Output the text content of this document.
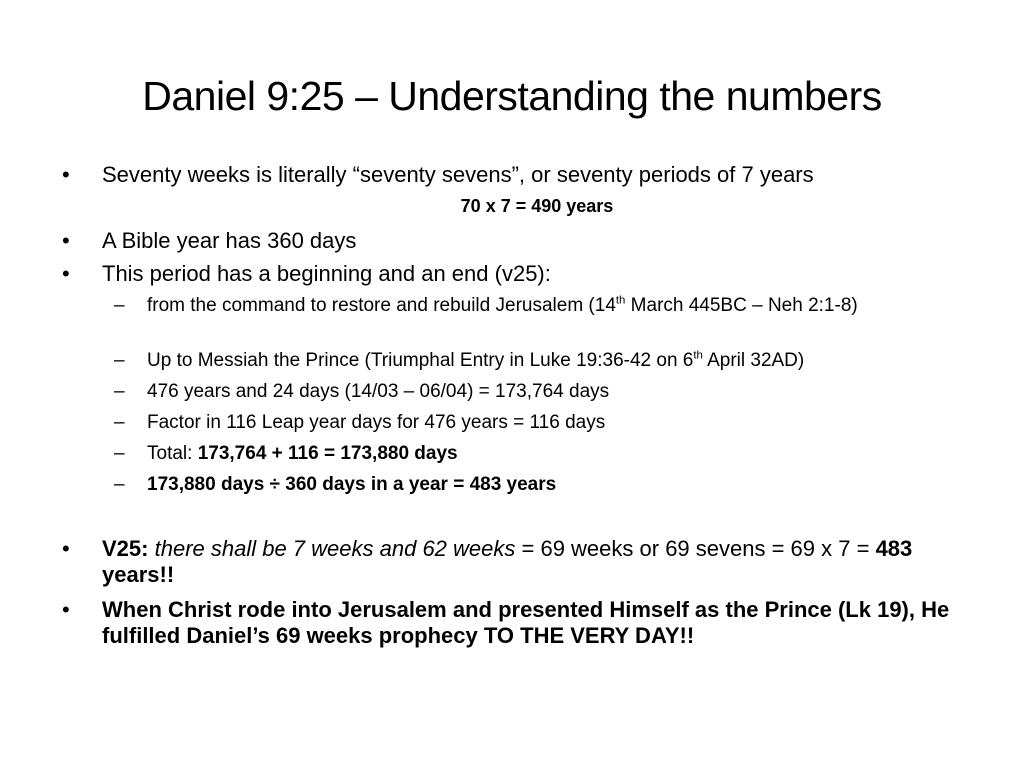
Daniel 9:25 – Understanding the numbers
• Seventy weeks is literally “seventy sevens”, or seventy periods of 7 years
70 x 7 = 490 years
• A Bible year has 360 days
• This period has a beginning and an end (v25):
– from the command to restore and rebuild Jerusalem (14th March 445BC – Neh 2:1-8)
– Up to Messiah the Prince (Triumphal Entry in Luke 19:36-42 on 6th April 32AD)
– 476 years and 24 days (14/03 – 06/04) = 173,764 days
– Factor in 116 Leap year days for 476 years = 116 days
– Total: 173,764 + 116 = 173,880 days
– 173,880 days ÷ 360 days in a year = 483 years
• V25: there shall be 7 weeks and 62 weeks = 69 weeks or 69 sevens = 69 x 7 = 483 years!!
• When Christ rode into Jerusalem and presented Himself as the Prince (Lk 19), He fulfilled Daniel’s 69 weeks prophecy TO THE VERY DAY!!
